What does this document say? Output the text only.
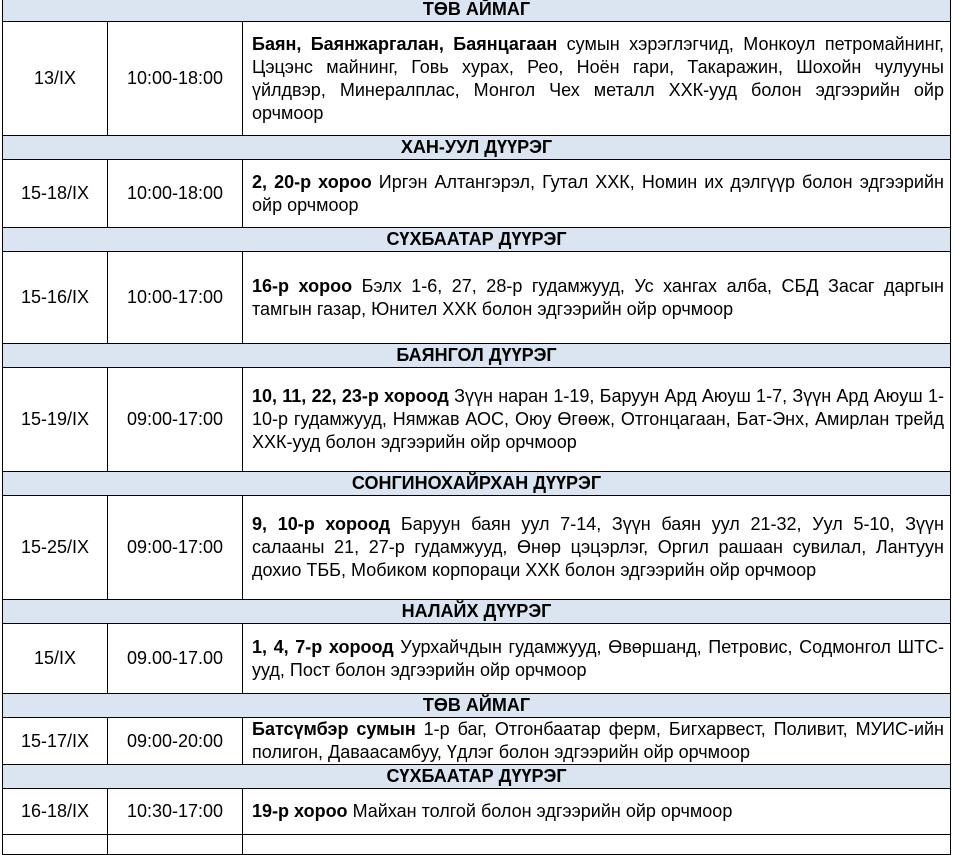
ТӨВ АЙМАГ		
13/IX	10:00-18:00	Баян, Баянжаргалан, Баянцагаан сумын хэрэглэгчид, Монкоул петромайнинг, Цэцэнс майнинг, Говь хурах, Рео, Ноён гари, Такаражин, Шохойн чулууны үйлдвэр, Минералплас, Монгол Чех металл ХХК-ууд болон эдгээрийн ойр орчмоор
ХАН-УУЛ ДҮҮРЭГ		
15-18/IX	10:00-18:00	2, 20-р хороо Иргэн Алтангэрэл, Гутал ХХК, Номин их дэлгүүр болон эдгээрийн ойр орчмоор
СҮХБААТАР ДҮҮРЭГ		
15-16/IX	10:00-17:00	16-р хороо Бэлх 1-6, 27, 28-р гудамжууд, Ус хангах алба, СБД Засаг даргын тамгын газар, Юнител ХХК болон эдгээрийн ойр орчмоор
БАЯНГОЛ ДҮҮРЭГ		
15-19/IX	09:00-17:00	10, 11, 22, 23-р хороод Зүүн наран 1-19, Баруун Ард Аюуш 1-7, Зүүн Ард Аюуш 1-10-р гудамжууд, Нямжав АОС, Оюу Өгөөж, Отгонцагаан, Бат-Энх, Амирлан трейд ХХК-ууд болон эдгээрийн ойр орчмоор
СОНГИНОХАЙРХАН ДҮҮРЭГ		
15-25/IX	09:00-17:00	9, 10-р хороод Баруун баян уул 7-14, Зүүн баян уул 21-32, Уул 5-10, Зүүн салааны 21, 27-р гудамжууд, Өнөр цэцэрлэг, Оргил рашаан сувилал, Лантуун дохио ТББ, Мобиком корпораци ХХК болон эдгээрийн ойр орчмоор
НАЛАЙХ ДҮҮРЭГ		
15/IX	09.00-17.00	1, 4, 7-р хороод Уурхайчдын гудамжууд, Өвөршанд, Петровис, Содмонгол ШТС-ууд, Пост болон эдгээрийн ойр орчмоор
ТӨВ АЙМАГ		
15-17/IX	09:00-20:00	Батсүмбэр сумын 1-р баг, Отгонбаатар ферм, Бигхарвест, Поливит, МУИС-ийн полигон, Даваасамбуу, Үдлэг болон эдгээрийн ойр орчмоор
СҮХБААТАР ДҮҮРЭГ		
16-18/IX	10:30-17:00	19-р хороо Майхан толгой болон эдгээрийн ойр орчмоор
